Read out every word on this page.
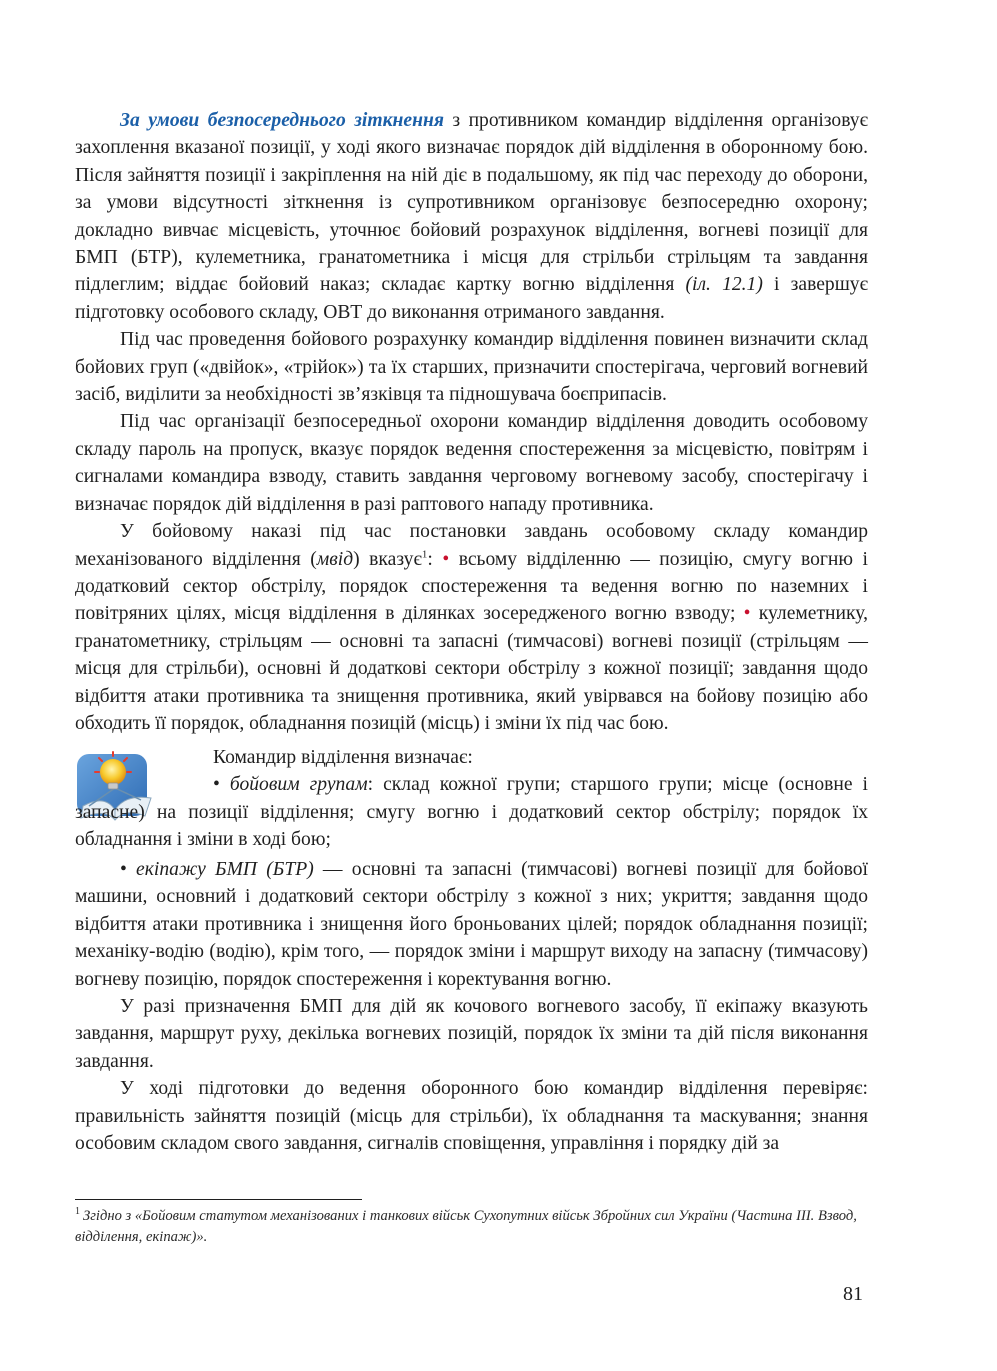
За умови безпосереднього зіткнення з противником командир відділення організовує захоплення вказаної позиції, у ході якого визначає порядок дій відділення в оборонному бою. Після зайняття позиції і закріплення на ній діє в подальшому, як під час переходу до оборони, за умови відсутності зіткнення із супротивником організовує безпосередню охорону; докладно вивчає місцевість, уточнює бойовий розрахунок відділення, вогневі позиції для БМП (БТР), кулеметника, гранатометника і місця для стрільби стрільцям та завдання підлеглим; віддає бойовий наказ; складає картку вогню відділення (іл. 12.1) і завершує підготовку особового складу, ОВТ до виконання отриманого завдання.

Під час проведення бойового розрахунку командир відділення повинен визначити склад бойових груп («двійок», «трійок») та їх старших, призначити спостерігача, черговий вогневий засіб, виділити за необхідності зв’язківця та підношувача боєприпасів.

Під час організації безпосередньої охорони командир відділення доводить особовому складу пароль на пропуск, вказує порядок ведення спостереження за місцевістю, повітрям і сигналами командира взводу, ставить завдання черговому вогневому засобу, спостерігачу і визначає порядок дій відділення в разі раптового нападу противника.

У бойовому наказі під час постановки завдань особовому складу командир механізованого відділення (мвід) вказує$^1$: • всьому відділенню — позицію, смугу вогню і додатковий сектор обстрілу, порядок спостереження та ведення вогню по наземних і повітряних цілях, місця відділення в ділянках зосередженого вогню взводу; • кулеметнику, гранатометнику, стрільцям — основні та запасні (тимчасові) вогневі позиції (стрільцям — місця для стрільби), основні й додаткові сектори обстрілу з кожної позиції; завдання щодо відбиття атаки противника та знищення противника, який увірвався на бойову позицію або обходить її порядок, обладнання позицій (місць) і зміни їх під час бою.

Командир відділення визначає:

• бойовим групам: склад кожної групи; старшого групи; місце (основне і запасне) на позиції відділення; смугу вогню і додатковий сектор обстрілу; порядок їх обладнання і зміни в ході бою;

• екіпажу БМП (БТР) — основні та запасні (тимчасові) вогневі позиції для бойової машини, основний і додатковий сектори обстрілу з кожної з них; укриття; завдання щодо відбиття атаки противника і знищення його броньованих цілей; порядок обладнання позиції; механіку-водію (водію), крім того, — порядок зміни і маршрут виходу на запасну (тимчасову) вогневу позицію, порядок спостереження і коректування вогню.

У разі призначення БМП для дій як кочового вогневого засобу, її екіпажу вказують завдання, маршрут руху, декілька вогневих позицій, порядок їх зміни та дій після виконання завдання.

У ході підготовки до ведення оборонного бою командир відділення перевіряє: правильність зайняття позицій (місць для стрільби), їх обладнання та маскування; знання особовим складом свого завдання, сигналів сповіщення, управління і порядку дій за

$^1$ Згідно з «Бойовим статутом механізованих і танкових військ Сухопутних військ Збройних сил України (Частина III. Взвод, відділення, екіпаж)».
81
